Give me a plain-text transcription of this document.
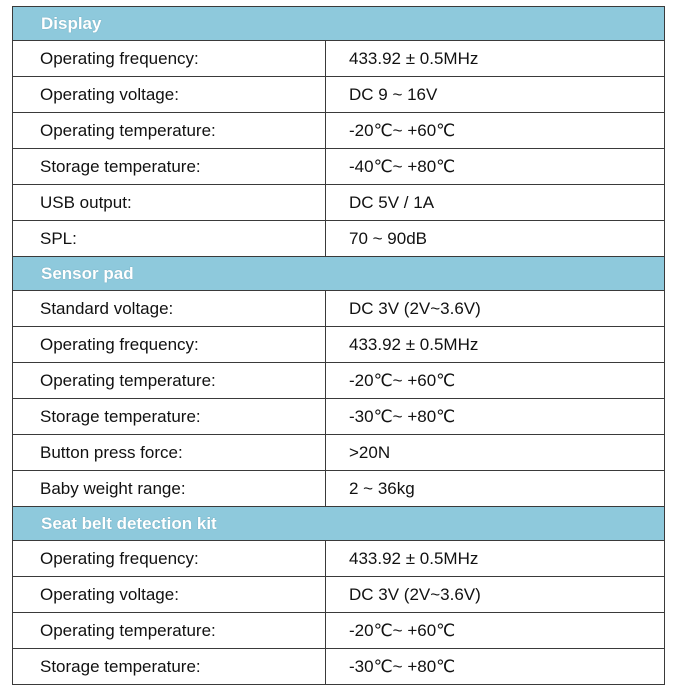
Display
Operating frequency:	433.92 ± 0.5MHz
Operating voltage:	DC 9 ~ 16V
Operating temperature:	-20℃~ +60℃
Storage temperature:	-40℃~ +80℃
USB output:	DC 5V / 1A
SPL:	70 ~ 90dB
Sensor pad
Standard voltage:	DC 3V (2V~3.6V)
Operating frequency:	433.92 ± 0.5MHz
Operating temperature:	-20℃~ +60℃
Storage temperature:	-30℃~ +80℃
Button press force:	>20N
Baby weight range:	2 ~ 36kg
Seat belt detection kit
Operating frequency:	433.92 ± 0.5MHz
Operating voltage:	DC 3V (2V~3.6V)
Operating temperature:	-20℃~ +60℃
Storage temperature:	-30℃~ +80℃
